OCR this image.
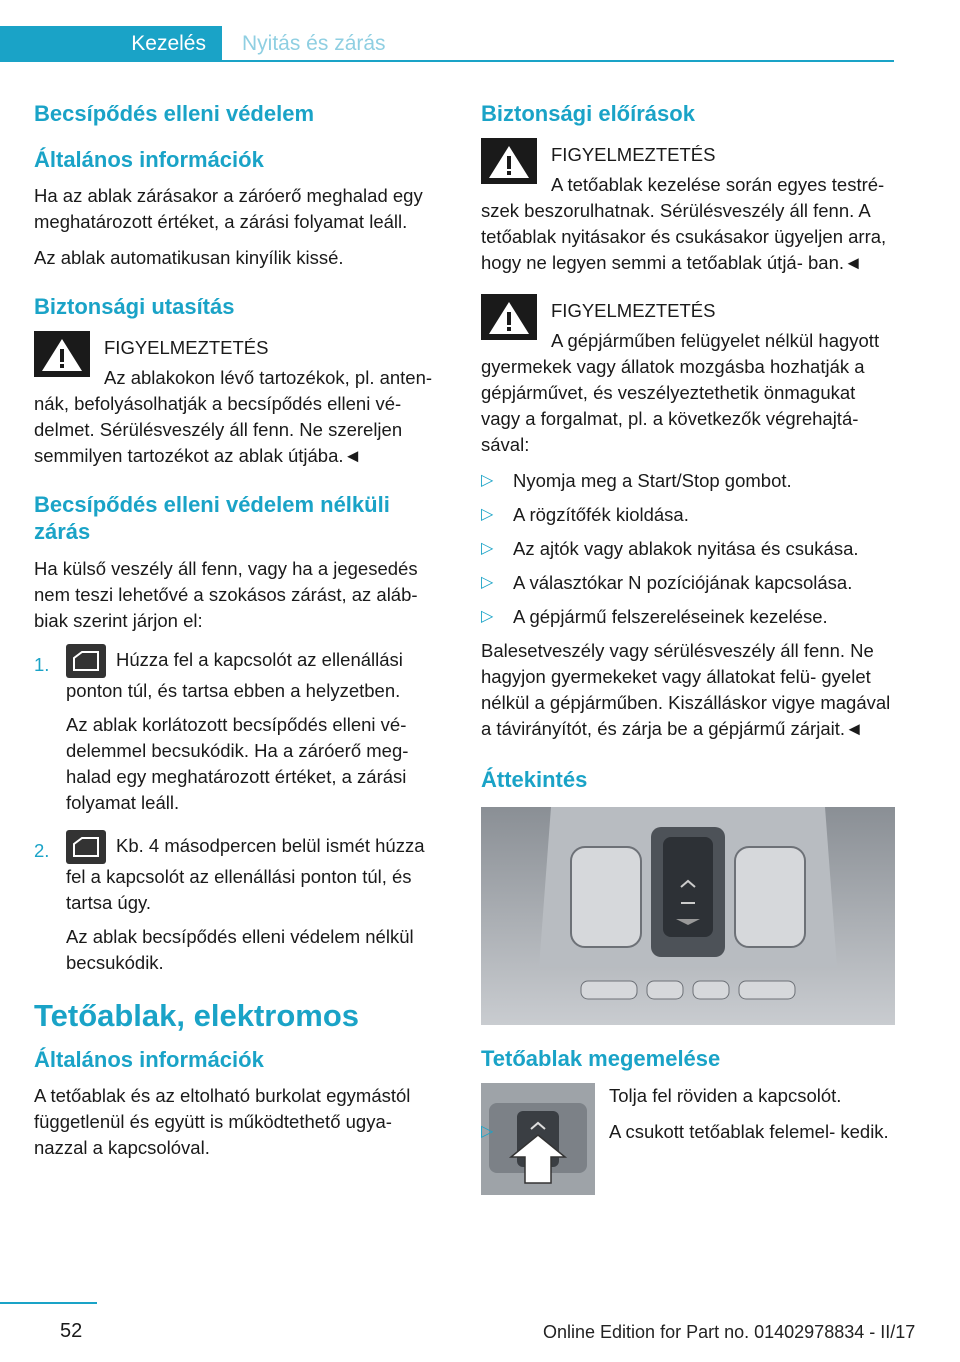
Kezelés	Nyitás és zárás
Becsípődés elleni védelem
Általános információk

Ha az ablak zárásakor a záróerő meghalad egy meghatározott értéket, a zárási folyamat leáll.

Az ablak automatikusan kinyílik kissé.

Biztonsági utasítás

FIGYELMEZTETÉS

Az ablakokon lévő tartozékok, pl. anten- nák, befolyásolhatják a becsípődés elleni vé- delmet. Sérülésveszély áll fenn. Ne szereljen semmilyen tartozékot az ablak útjába.◄

Becsípődés elleni védelem nélküli zárás

Ha külső veszély áll fenn, vagy ha a jegesedés nem teszi lehetővé a szokásos zárást, az aláb- biak szerint járjon el:

1.	Húzza fel a kapcsolót az ellenállási ponton túl, és tartsa ebben a helyzetben.

Az ablak korlátozott becsípődés elleni vé- delemmel becsukódik. Ha a záróerő meg- halad egy meghatározott értéket, a zárási folyamat leáll.

2.	Kb. 4 másodpercen belül ismét húzza fel a kapcsolót az ellenállási ponton túl, és tartsa úgy.

Az ablak becsípődés elleni védelem nélkül becsukódik.

Tetőablak, elektromos
Általános információk

A tetőablak és az eltolható burkolat egymástól függetlenül és együtt is működtethető ugya- nazzal a kapcsolóval.

Biztonsági előírások

FIGYELMEZTETÉS

A tetőablak kezelése során egyes testré- szek beszorulhatnak. Sérülésveszély áll fenn. A tetőablak nyitásakor és csukásakor ügyeljen arra, hogy ne legyen semmi a tetőablak útjá- ban.◄

FIGYELMEZTETÉS

A gépjárműben felügyelet nélkül hagyott gyermekek vagy állatok mozgásba hozhatják a gépjárművet, és veszélyeztethetik önmagukat vagy a forgalmat, pl. a következők végrehajtá- sával:

▷ Nyomja meg a Start/Stop gombot.
▷ A rögzítőfék kioldása.
▷ Az ajtók vagy ablakok nyitása és csukása.
▷ A választókar N pozíciójának kapcsolása.
▷ A gépjármű felszereléseinek kezelése.

Balesetveszély vagy sérülésveszély áll fenn. Ne hagyjon gyermekeket vagy állatokat felü- gyelet nélkül a gépjárműben. Kiszálláskor vigye magával a távirányítót, és zárja be a gépjármű zárjait.◄

Áttekintés
Tetőablak megemelése

Tolja fel röviden a kapcsolót.

▷	A csukott tetőablak felemel- kedik.
52	Online Edition for Part no. 01402978834 - II/17
